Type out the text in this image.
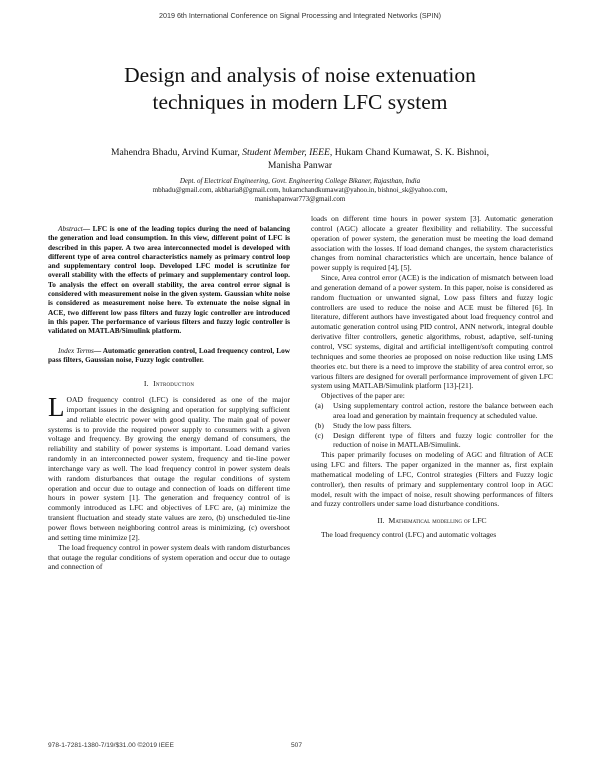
2019 6th International Conference on Signal Processing and Integrated Networks (SPIN)
Design and analysis of noise extenuation
techniques in modern LFC system
Mahendra Bhadu, Arvind Kumar, Student Member, IEEE, Hukam Chand Kumawat, S. K. Bishnoi,
Manisha Panwar
Dept. of Electrical Engineering, Govt. Engineering College Bikaner, Rajasthan, India
mbhadu@gmail.com, akbharia8@gmail.com, hukamchandkumawat@yahoo.in, bishnoi_sk@yahoo.com,
manishapanwar773@gmail.com

Abstract— LFC is one of the leading topics during the need of balancing the generation and load consumption. In this view, different point of LFC is described in this paper. A two area interconnected model is developed with different type of area control characteristics namely as primary control loop and supplementary control loop. Developed LFC model is scrutinize for overall stability with the effects of primary and supplementary control loop. To analysis the effect on overall stability, the area control error signal is considered with measurement noise in the given system. Gaussian white noise is considered as measurement noise here. To extenuate the noise signal in ACE, two different low pass filters and fuzzy logic controller are introduced in this paper. The performance of various filters and fuzzy logic controller is validated on MATLAB/Simulink platform.

Index Terms— Automatic generation control, Load frequency control, Low pass filters, Gaussian noise, Fuzzy logic controller.

I. Introduction

LOAD frequency control (LFC) is considered as one of the major important issues in the designing and operation for supplying sufficient and reliable electric power with good quality. The main goal of power systems is to provide the required power supply to consumers with a given voltage and frequency. By growing the energy demand of consumers, the reliability and stability of power systems is important. Load demand varies randomly in an interconnected power system, frequency and tie-line power interchange vary as well. The load frequency control in power system deals with random disturbances that outage the regular conditions of system operation and occur due to outage and connection of loads on different time hours in power system [1]. The generation and frequency control of is commonly introduced as LFC and objectives of LFC are, (a) minimize the transient fluctuation and steady state values are zero, (b) unscheduled tie-line power flows between neighboring control areas is minimizing, (c) overshoot and setting time minimize [2].

The load frequency control in power system deals with random disturbances that outage the regular conditions of system operation and occur due to outage and connection of

loads on different time hours in power system [3]. Automatic generation control (AGC) allocate a greater flexibility and reliability. The successful operation of power system, the generation must be meeting the load demand association with the losses. If load demand changes, the system characteristics changes from nominal characteristics which are uncertain, hence balance of power supply is required [4], [5].

Since, Area control error (ACE) is the indication of mismatch between load and generation demand of a power system. In this paper, noise is considered as random fluctuation or unwanted signal, Low pass filters and fuzzy logic controllers are used to reduce the noise and ACE must be filtered [6]. In literature, different authors have investigated about load frequency control and automatic generation control using PID control, ANN network, integral double derivative filter controllers, genetic algorithms, robust, adaptive, self-tuning control, VSC systems, digital and artificial intelligent/soft computing control techniques and some theories ae proposed on noise reduction like using LMS theories etc. but there is a need to improve the stability of area control error, so various filters are designed for overall performance improvement of given LFC system using MATLAB/Simulink platform [13]-[21].

Objectives of the paper are:

(a) Using supplementary control action, restore the balance between each area load and generation by maintain frequency at scheduled value.
(b) Study the low pass filters.
(c) Design different type of filters and fuzzy logic controller for the reduction of noise in MATLAB/Simulink.

This paper primarily focuses on modeling of AGC and filtration of ACE using LFC and filters. The paper organized in the manner as, first explain mathematical modeling of LFC, Control strategies (Filters and Fuzzy logic controller), then results of primary and supplementary control loop in AGC model, result with the impact of noise, result showing performances of filters and fuzzy controllers under same load disturbance conditions.

II. Mathematical modelling of LFC

The load frequency control (LFC) and automatic voltages

978-1-7281-1380-7/19/$31.00 ©2019 IEEE	507
